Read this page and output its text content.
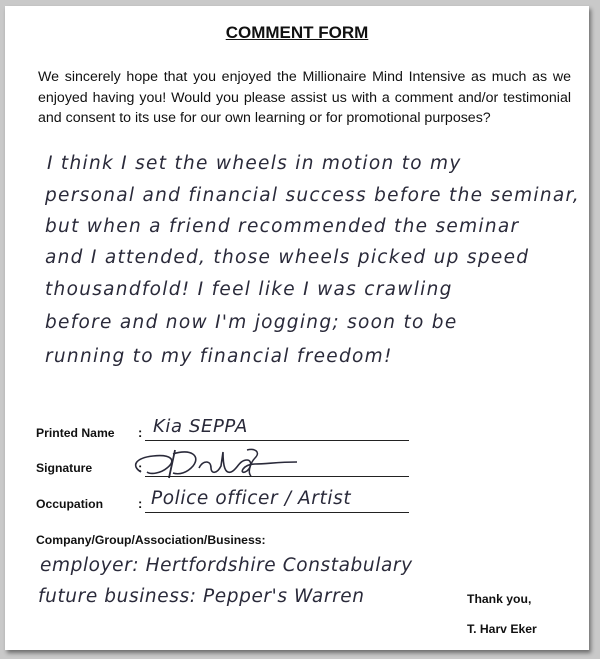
COMMENT FORM
We sincerely hope that you enjoyed the Millionaire Mind Intensive as much as we enjoyed having you! Would you please assist us with a comment and/or testimonial and consent to its use for our own learning or for promotional purposes?
I think I set the wheels in motion to my
personal and financial success before the seminar,
but when a friend recommended the seminar
and I attended, those wheels picked up speed
thousandfold! I feel like I was crawling
before and now I'm jogging; soon to be
running to my financial freedom!
Printed Name : Kia SEPPA
Signature	:
Occupation	: Police officer / Artist
Company/Group/Association/Business:
employer: Hertfordshire Constabulary
future business: Pepper's Warren	Thank you,
T. Harv Eker
